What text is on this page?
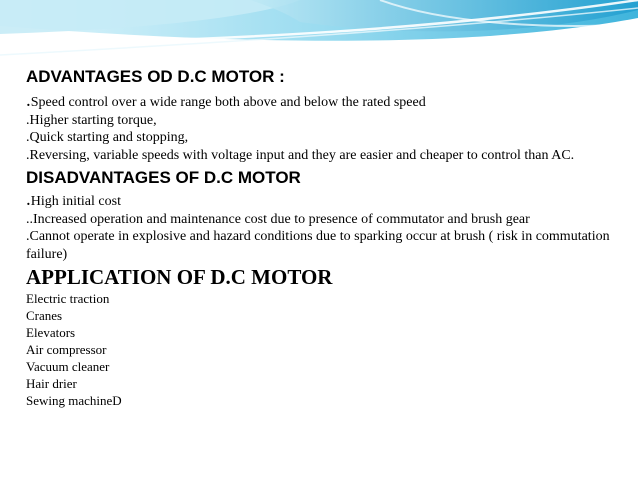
ADVANTAGES OD D.C MOTOR :

.Speed control over a wide range both above and below the rated speed

.Higher starting torque,

.Quick starting and stopping,

.Reversing, variable speeds with voltage input and they are easier and cheaper to control than AC.

DISADVANTAGES OF D.C MOTOR

.High initial cost

..Increased operation and maintenance cost due to presence of commutator and brush gear

.Cannot operate in explosive and hazard conditions due to sparking occur at brush ( risk in commutation failure)

APPLICATION OF D.C MOTOR

Electric traction

Cranes

Elevators

Air compressor

Vacuum cleaner

Hair drier

Sewing machineD
